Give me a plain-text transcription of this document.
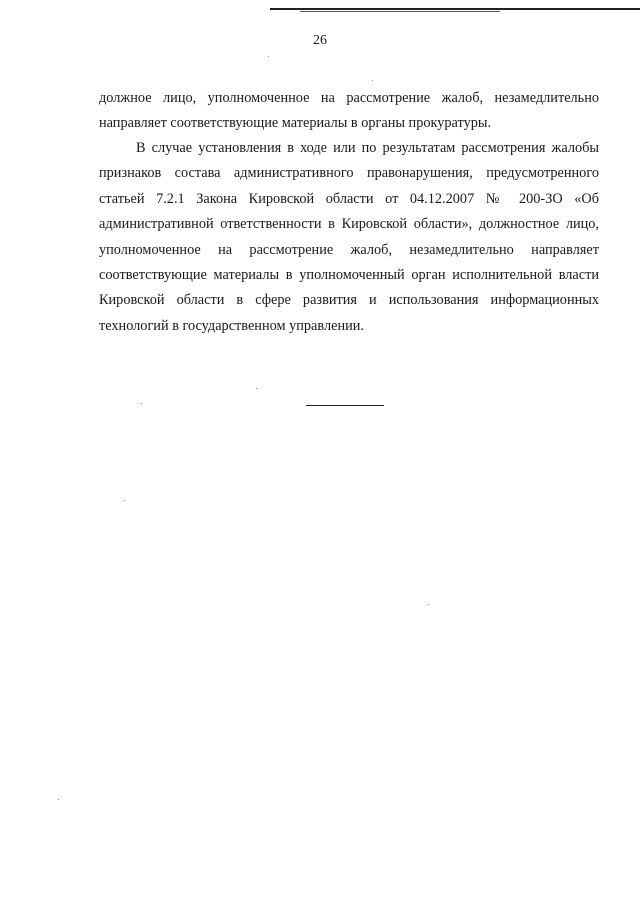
26

должное лицо, уполномоченное на рассмотрение жалоб, незамедлительно направляет соответствующие материалы в органы прокуратуры.

В случае установления в ходе или по результатам рассмотрения жалобы признаков состава административного правонарушения, предусмотренного статьей 7.2.1 Закона Кировской области от 04.12.2007 № 200-ЗО «Об административной ответственности в Кировской области», должностное лицо, уполномоченное на рассмотрение жалоб, незамедлительно направляет соответствующие материалы в уполномоченный орган исполнительной власти Кировской области в сфере развития и использования информационных технологий в государственном управлении.
